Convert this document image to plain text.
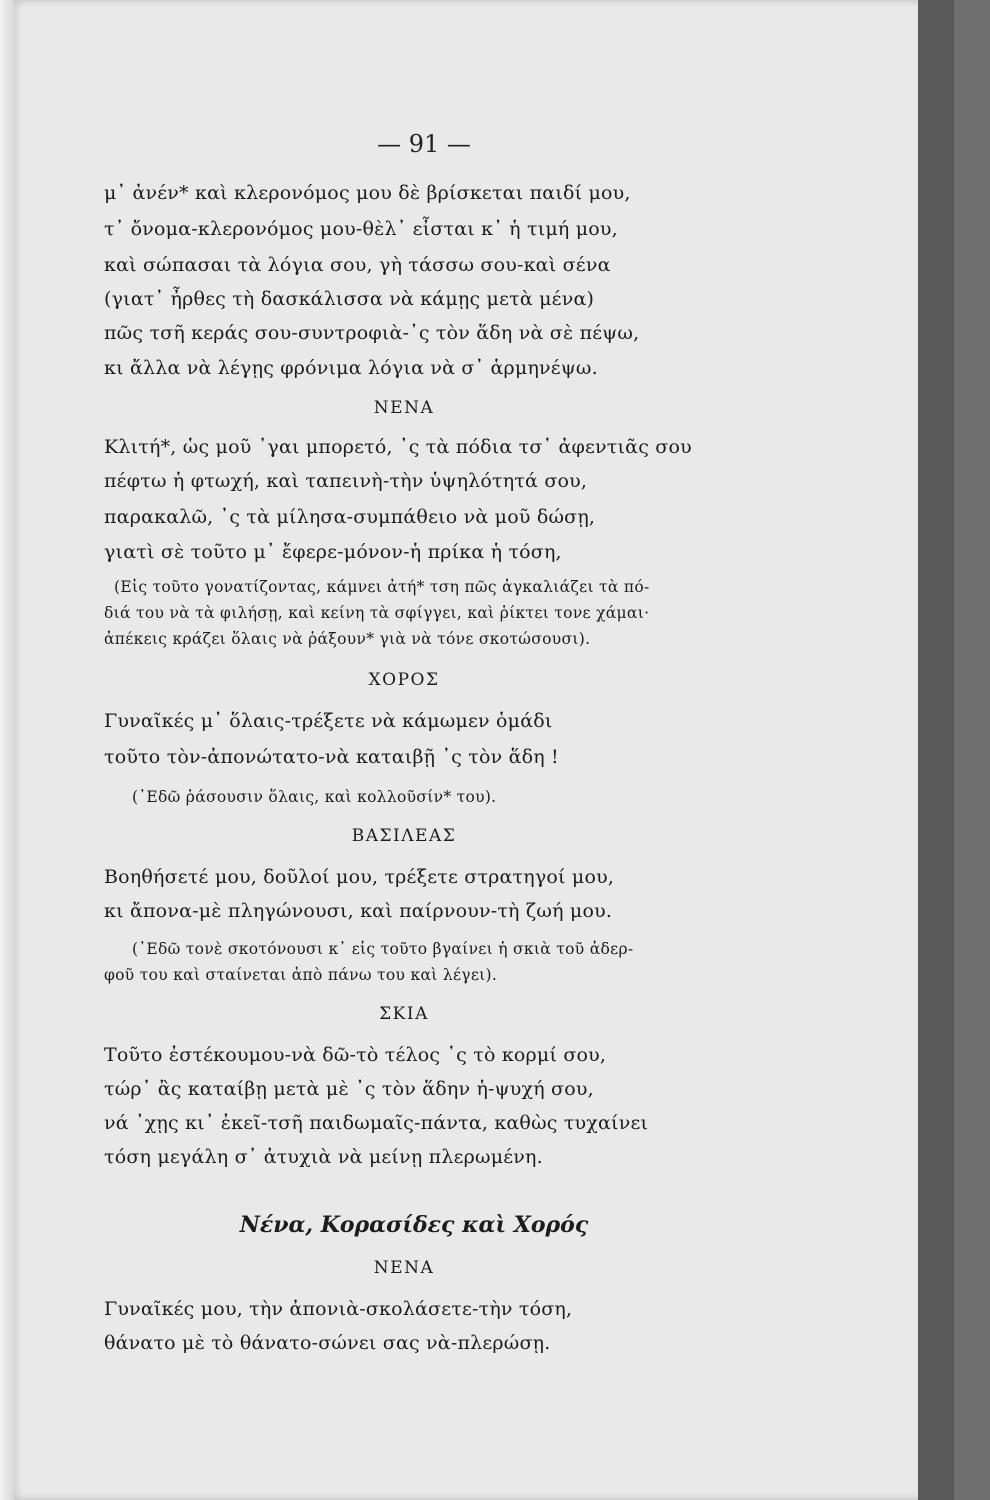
— 91 —
μ᾿ ἀνέν* καὶ κλερονόμος μου δὲ βρίσκεται παιδί μου,
τ᾿ ὄνομα-κλερονόμος μου-θὲλ᾿ εἶσται κ᾿ ἡ τιμή μου,
καὶ σώπασαι τὰ λόγια σου, γὴ τάσσω σου-καὶ σένα
(γιατ᾿ ἦρθες τὴ δασκάλισσα νὰ κάμῃς μετὰ μένα)
πῶς τσῆ κεράς σου-συντροφιὰ-᾿ς τὸν ἅδη νὰ σὲ πέψω,
κι ἄλλα νὰ λέγῃς φρόνιμα λόγια νὰ σ᾿ ἁρμηνέψω.
ΝΕΝΑ
Κλιτή*, ὡς μοῦ ᾿γαι μπορετό, ᾿ς τὰ πόδια τσ᾿ ἀφεντιᾶς σου
πέφτω ἡ φτωχή, καὶ ταπεινὴ-τὴν ὑψηλότητά σου,
παρακαλῶ, ᾿ς τὰ μίλησα-συμπάθειο νὰ μοῦ δώσῃ,
γιατὶ σὲ τοῦτο μ᾿ ἔφερε-μόνον-ἡ πρίκα ἡ τόση,
(Εἰς τοῦτο γονατίζοντας, κάμνει ἀτή* τση πῶς ἀγκαλιάζει τὰ πό-
διά του νὰ τὰ φιλήσῃ, καὶ κείνη τὰ σφίγγει, καὶ ῥίκτει τονε χάμαι·
ἀπέκεις κράζει ὅλαις νὰ ῥάξουν* γιὰ νὰ τόνε σκοτώσουσι).
ΧΟΡΟΣ
Γυναῖκές μ᾿ ὅλαις-τρέξετε νὰ κάμωμεν ὁμάδι
τοῦτο τὸν-ἀπονώτατο-νὰ καταιβῇ ᾿ς τὸν ἅδη !
(᾿Εδῶ ῥάσουσιν ὅλαις, καὶ κολλοῦσίν* του).
ΒΑΣΙΛΕΑΣ
Βοηθήσετέ μου, δοῦλοί μου, τρέξετε στρατηγοί μου,
κι ἄπονα-μὲ πληγώνουσι, καὶ παίρνουν-τὴ ζωή μου.
(᾿Εδῶ τονὲ σκοτόνουσι κ᾿ εἰς τοῦτο βγαίνει ἡ σκιὰ τοῦ ἀδερ-
φοῦ του καὶ σταίνεται ἀπὸ πάνω του καὶ λέγει).
ΣΚΙΑ
Τοῦτο ἐστέκουμου-νὰ δῶ-τὸ τέλος ᾿ς τὸ κορμί σου,
τώρ᾿ ἂς καταίβῃ μετὰ μὲ ᾿ς τὸν ἅδην ἡ-ψυχή σου,
νά ᾿χῃς κι᾿ ἐκεῖ-τσῆ παιδωμαῖς-πάντα, καθὼς τυχαίνει
τόση μεγάλη σ᾿ ἀτυχιὰ νὰ μείνῃ πλερωμένη.
Νένα, Κορασίδες καὶ Χορός
ΝΕΝΑ
Γυναῖκές μου, τὴν ἀπονιὰ-σκολάσετε-τὴν τόση,
θάνατο μὲ τὸ θάνατο-σώνει σας νὰ-πλερώσῃ.
